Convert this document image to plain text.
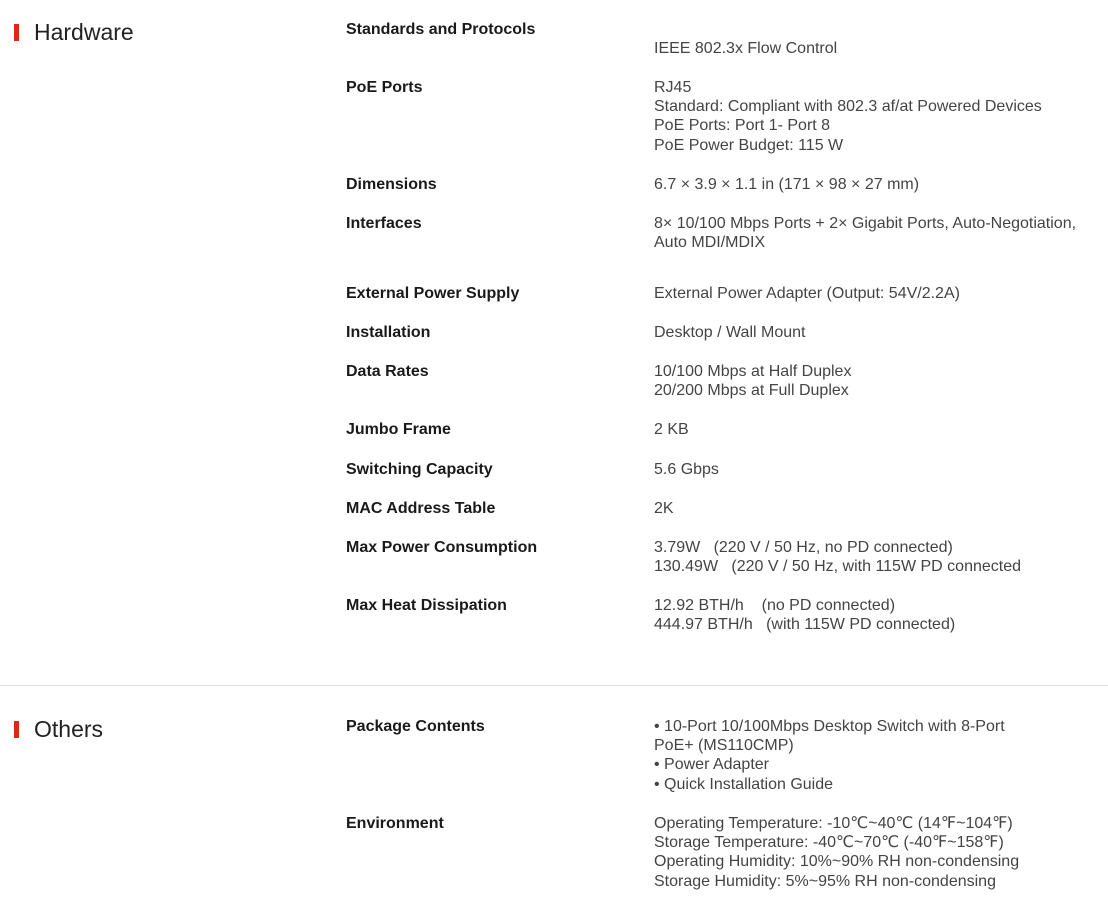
Hardware	Standards and Protocols
IEEE 802.3x Flow Control
PoE Ports	RJ45
Standard: Compliant with 802.3 af/at Powered Devices
PoE Ports: Port 1- Port 8
PoE Power Budget: 115 W
Dimensions	6.7 × 3.9 × 1.1 in (171 × 98 × 27 mm)
Interfaces	8× 10/100 Mbps Ports + 2× Gigabit Ports, Auto-Negotiation, Auto MDI/MDIX
External Power Supply	External Power Adapter (Output: 54V/2.2A)
Installation	Desktop / Wall Mount
Data Rates	10/100 Mbps at Half Duplex
20/200 Mbps at Full Duplex
Jumbo Frame	2 KB
Switching Capacity	5.6 Gbps
MAC Address Table	2K
Max Power Consumption	3.79W   (220 V / 50 Hz, no PD connected)
130.49W   (220 V / 50 Hz, with 115W PD connected
Max Heat Dissipation	12.92 BTH/h    (no PD connected)
444.97 BTH/h   (with 115W PD connected)
Others	Package Contents	• 10-Port 10/100Mbps Desktop Switch with 8-Port
PoE+ (MS110CMP)
• Power Adapter
• Quick Installation Guide
Environment	Operating Temperature: -10℃~40℃ (14℉~104℉)
Storage Temperature: -40℃~70℃ (-40℉~158℉)
Operating Humidity: 10%~90% RH non-condensing
Storage Humidity: 5%~95% RH non-condensing
